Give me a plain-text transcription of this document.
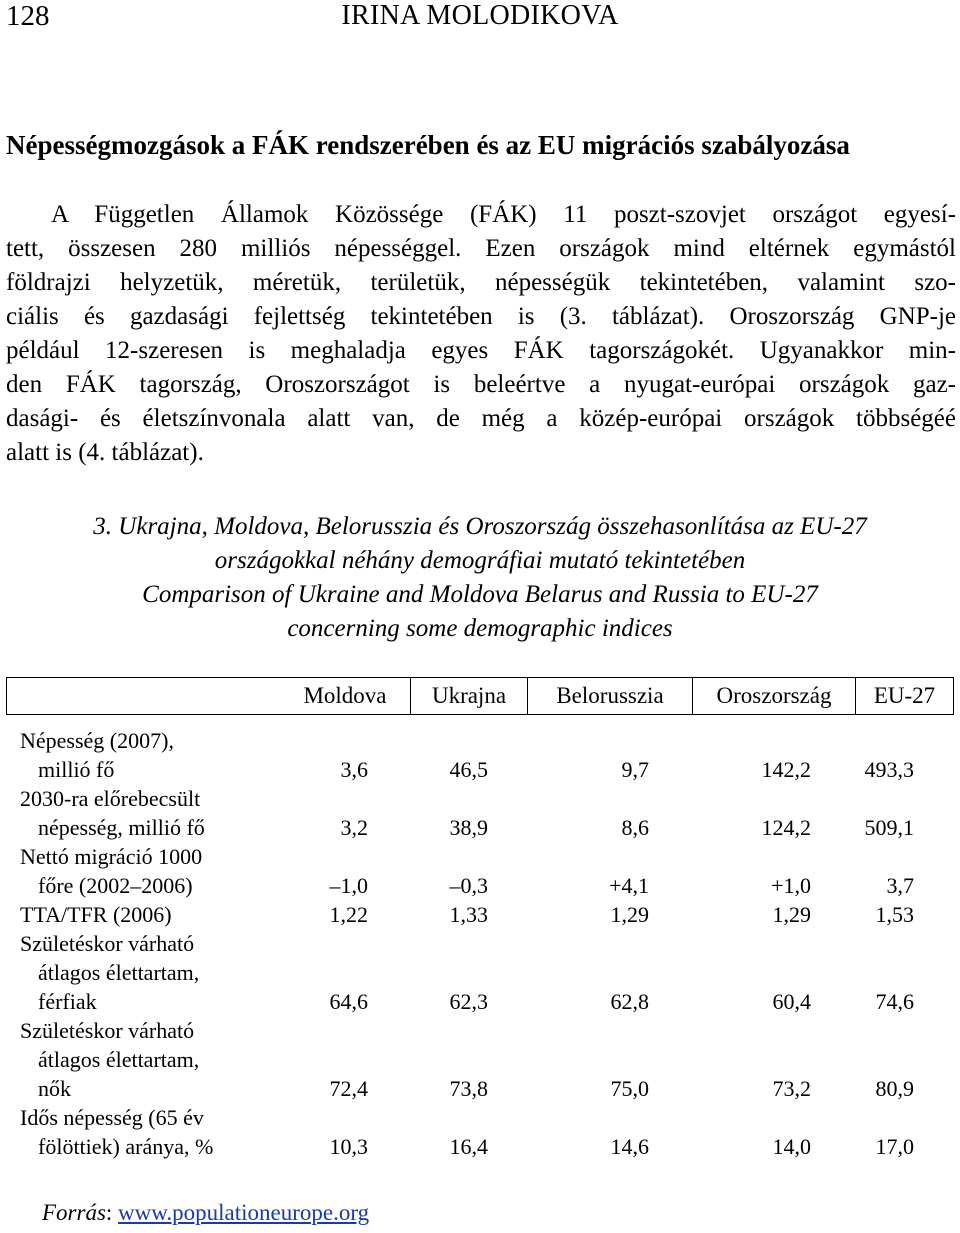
128	IRINA MOLODIKOVA
Népességmozgások a FÁK rendszerében és az EU migrációs szabályozása
A Független Államok Közössége (FÁK) 11 poszt-szovjet országot egyesí-
tett, összesen 280 milliós népességgel. Ezen országok mind eltérnek egymástól
földrajzi helyzetük, méretük, területük, népességük tekintetében, valamint szo-
ciális és gazdasági fejlettség tekintetében is (3. táblázat). Oroszország GNP-je
például 12-szeresen is meghaladja egyes FÁK tagországokét. Ugyanakkor min-
den FÁK tagország, Oroszországot is beleértve a nyugat-európai országok gaz-
dasági- és életszínvonala alatt van, de még a közép-európai országok többségéé
alatt is (4. táblázat).
3. Ukrajna, Moldova, Belorusszia és Oroszország összehasonlítása az EU-27
országokkal néhány demográfiai mutató tekintetében
Comparison of Ukraine and Moldova Belarus and Russia to EU-27
concerning some demographic indices
Moldova	Ukrajna	Belorusszia	Oroszország	EU-27
Népesség (2007),
millió fő	3,6	46,5	9,7	142,2	493,3
2030-ra előrebecsült
népesség, millió fő	3,2	38,9	8,6	124,2	509,1
Nettó migráció 1000
főre (2002–2006)	–1,0	–0,3	+4,1	+1,0	3,7
TTA/TFR (2006)	1,22	1,33	1,29	1,29	1,53
Születéskor várható
átlagos élettartam,
férfiak	64,6	62,3	62,8	60,4	74,6
Születéskor várható
átlagos élettartam,
nők	72,4	73,8	75,0	73,2	80,9
Idős népesség (65 év
fölöttiek) aránya, %	10,3	16,4	14,6	14,0	17,0
Forrás: www.populationeurope.org
